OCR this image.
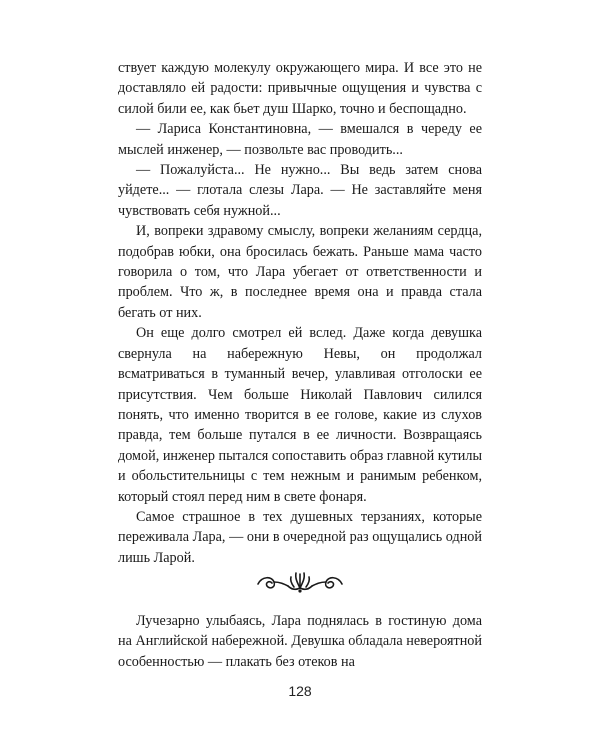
ствует каждую молекулу окружающего мира. И все это не доставляло ей радости: привычные ощущения и чувства с силой били ее, как бьет душ Шарко, точно и беспощадно.

— Лариса Константиновна, — вмешался в череду ее мыслей инженер, — позвольте вас проводить...

— Пожалуйста... Не нужно... Вы ведь затем снова уйдете... — глотала слезы Лара. — Не заставляйте меня чувствовать себя нужной...

И, вопреки здравому смыслу, вопреки желаниям сердца, подобрав юбки, она бросилась бежать. Раньше мама часто говорила о том, что Лара убегает от ответственности и проблем. Что ж, в последнее время она и правда стала бегать от них.

Он еще долго смотрел ей вслед. Даже когда девушка свернула на набережную Невы, он продолжал всматриваться в туманный вечер, улавливая отголоски ее присутствия. Чем больше Николай Павлович силился понять, что именно творится в ее голове, какие из слухов правда, тем больше путался в ее личности. Возвращаясь домой, инженер пытался сопоставить образ главной кутилы и обольстительницы с тем нежным и ранимым ребенком, который стоял перед ним в свете фонаря.

Самое страшное в тех душевных терзаниях, которые переживала Лара, — они в очередной раз ощущались одной лишь Ларой.

Лучезарно улыбаясь, Лара поднялась в гостиную дома на Английской набережной. Девушка обладала невероятной особенностью — плакать без отеков на

128
